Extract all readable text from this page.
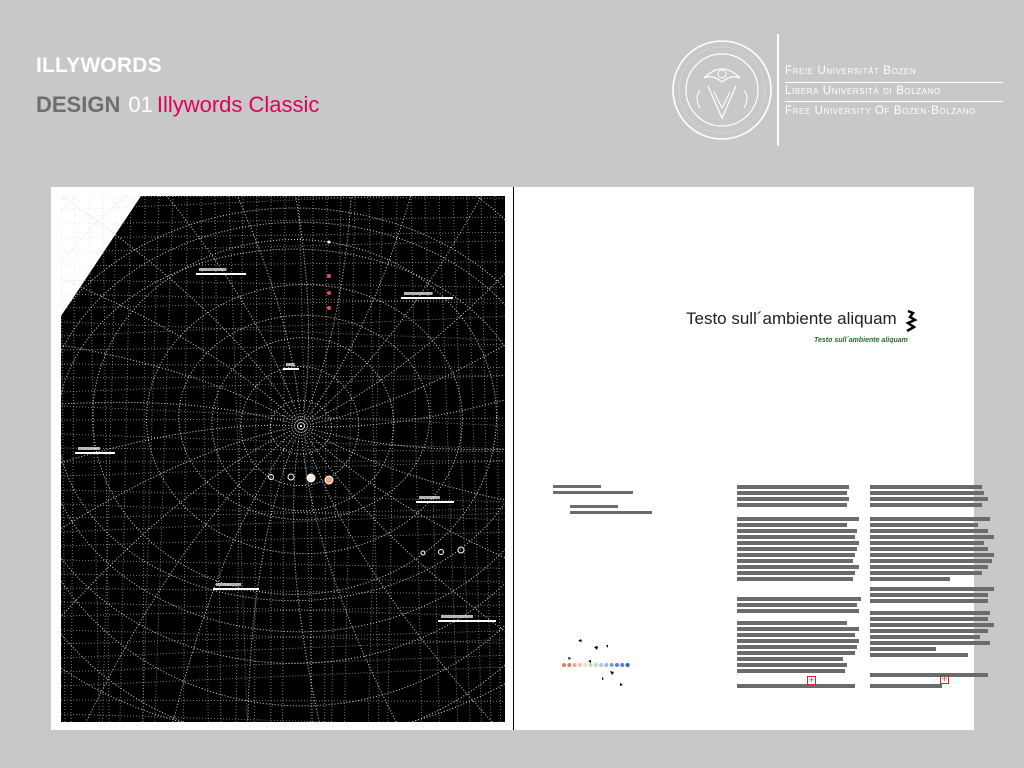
ILLYWORDS
DESIGN 01 Illywords Classic
Freie Universität Bozen
Libera Università di Bolzano
Free University Of Bozen·Bolzano
Testo sull´ambiente aliquam
Testo sull´ambiente aliquam
+	+
